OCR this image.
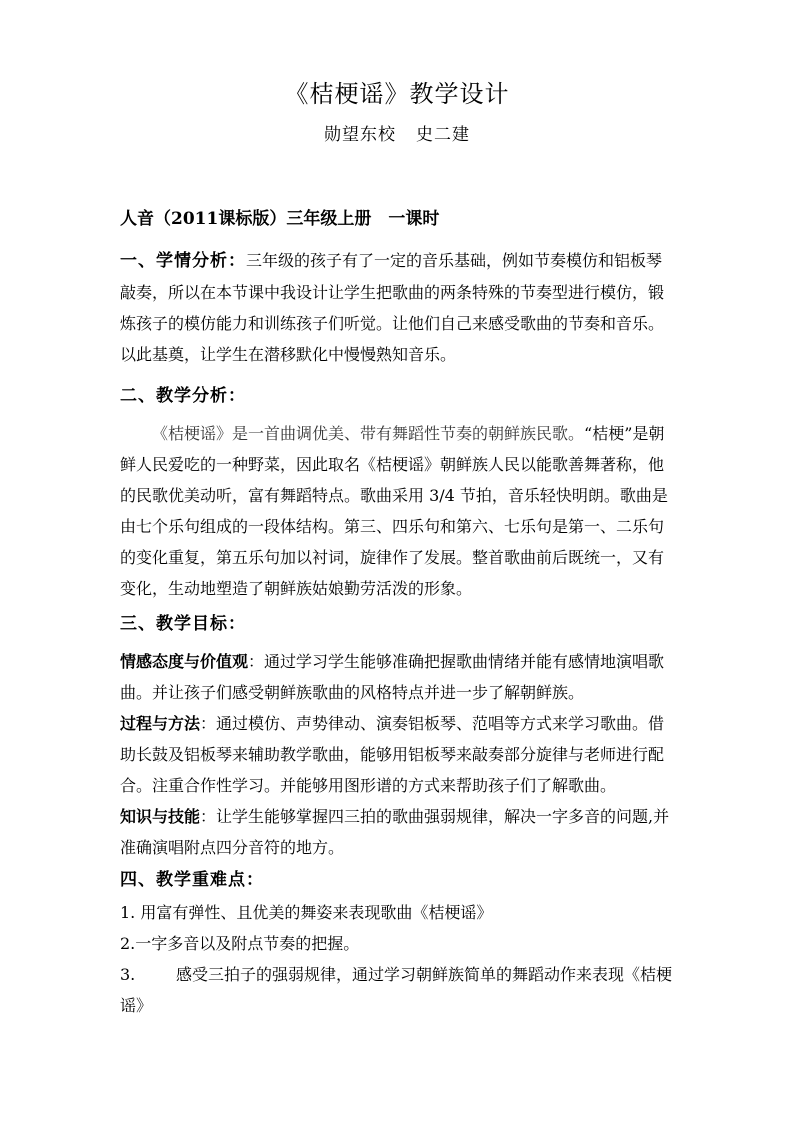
《桔梗谣》教学设计
勋望东校 史二建
人音（2011课标版）三年级上册　一课时
一、学情分析：三年级的孩子有了一定的音乐基础，例如节奏模仿和铝板琴敲奏，所以在本节课中我设计让学生把歌曲的两条特殊的节奏型进行模仿，锻炼孩子的模仿能力和训练孩子们听觉。让他们自己来感受歌曲的节奏和音乐。以此基奠，让学生在潜移默化中慢慢熟知音乐。
二、教学分析：
《桔梗谣》是一首曲调优美、带有舞蹈性节奏的朝鲜族民歌。“桔梗”是朝鲜人民爱吃的一种野菜，因此取名《桔梗谣》朝鲜族人民以能歌善舞著称，他的民歌优美动听，富有舞蹈特点。歌曲采用 3/4 节拍，音乐轻快明朗。歌曲是由七个乐句组成的一段体结构。第三、四乐句和第六、七乐句是第一、二乐句的变化重复，第五乐句加以衬词，旋律作了发展。整首歌曲前后既统一，又有变化，生动地塑造了朝鲜族姑娘勤劳活泼的形象。
三、教学目标：
情感态度与价值观：通过学习学生能够准确把握歌曲情绪并能有感情地演唱歌曲。并让孩子们感受朝鲜族歌曲的风格特点并进一步了解朝鲜族。
过程与方法：通过模仿、声势律动、演奏铝板琴、范唱等方式来学习歌曲。借助长鼓及铝板琴来辅助教学歌曲，能够用铝板琴来敲奏部分旋律与老师进行配合。注重合作性学习。并能够用图形谱的方式来帮助孩子们了解歌曲。
知识与技能：让学生能够掌握四三拍的歌曲强弱规律，解决一字多音的问题,并准确演唱附点四分音符的地方。
四、教学重难点：
1. 用富有弹性、且优美的舞姿来表现歌曲《桔梗谣》
2.一字多音以及附点节奏的把握。
3.	感受三拍子的强弱规律，通过学习朝鲜族简单的舞蹈动作来表现《桔梗谣》
